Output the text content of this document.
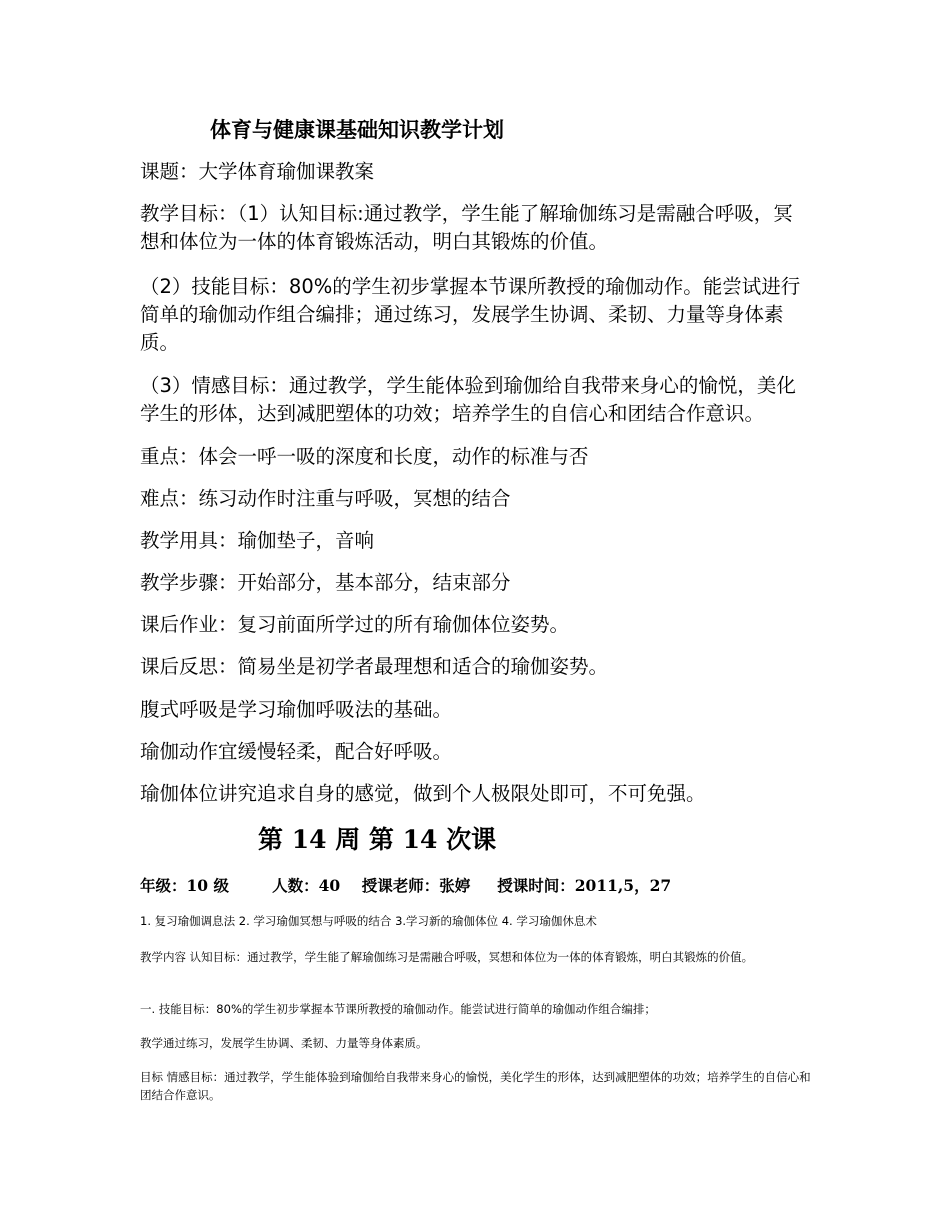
体育与健康课基础知识教学计划
课题：大学体育瑜伽课教案
教学目标：（1）认知目标:通过教学，学生能了解瑜伽练习是需融合呼吸，冥想和体位为一体的体育锻炼活动，明白其锻炼的价值。
（2）技能目标：80%的学生初步掌握本节课所教授的瑜伽动作。能尝试进行简单的瑜伽动作组合编排；通过练习，发展学生协调、柔韧、力量等身体素质。
（3）情感目标：通过教学，学生能体验到瑜伽给自我带来身心的愉悦，美化学生的形体，达到减肥塑体的功效；培养学生的自信心和团结合作意识。
重点：体会一呼一吸的深度和长度，动作的标准与否
难点：练习动作时注重与呼吸，冥想的结合
教学用具：瑜伽垫子，音响
教学步骤：开始部分，基本部分，结束部分
课后作业：复习前面所学过的所有瑜伽体位姿势。
课后反思：简易坐是初学者最理想和适合的瑜伽姿势。
腹式呼吸是学习瑜伽呼吸法的基础。
瑜伽动作宜缓慢轻柔，配合好呼吸。
瑜伽体位讲究追求自身的感觉，做到个人极限处即可，不可免强。
第 14 周 第 14 次课
年级：10 级        人数：40    授课老师：张婷     授课时间：2011,5，27
1. 复习瑜伽调息法 2. 学习瑜伽冥想与呼吸的结合 3.学习新的瑜伽体位 4. 学习瑜伽休息术
教学内容 认知目标：通过教学，学生能了解瑜伽练习是需融合呼吸，冥想和体位为一体的体育锻炼，明白其锻炼的价值。
一. 技能目标：80%的学生初步掌握本节课所教授的瑜伽动作。能尝试进行简单的瑜伽动作组合编排；
教学通过练习，发展学生协调、柔韧、力量等身体素质。
目标 情感目标：通过教学，学生能体验到瑜伽给自我带来身心的愉悦，美化学生的形体，达到减肥塑体的功效；培养学生的自信心和团结合作意识。
